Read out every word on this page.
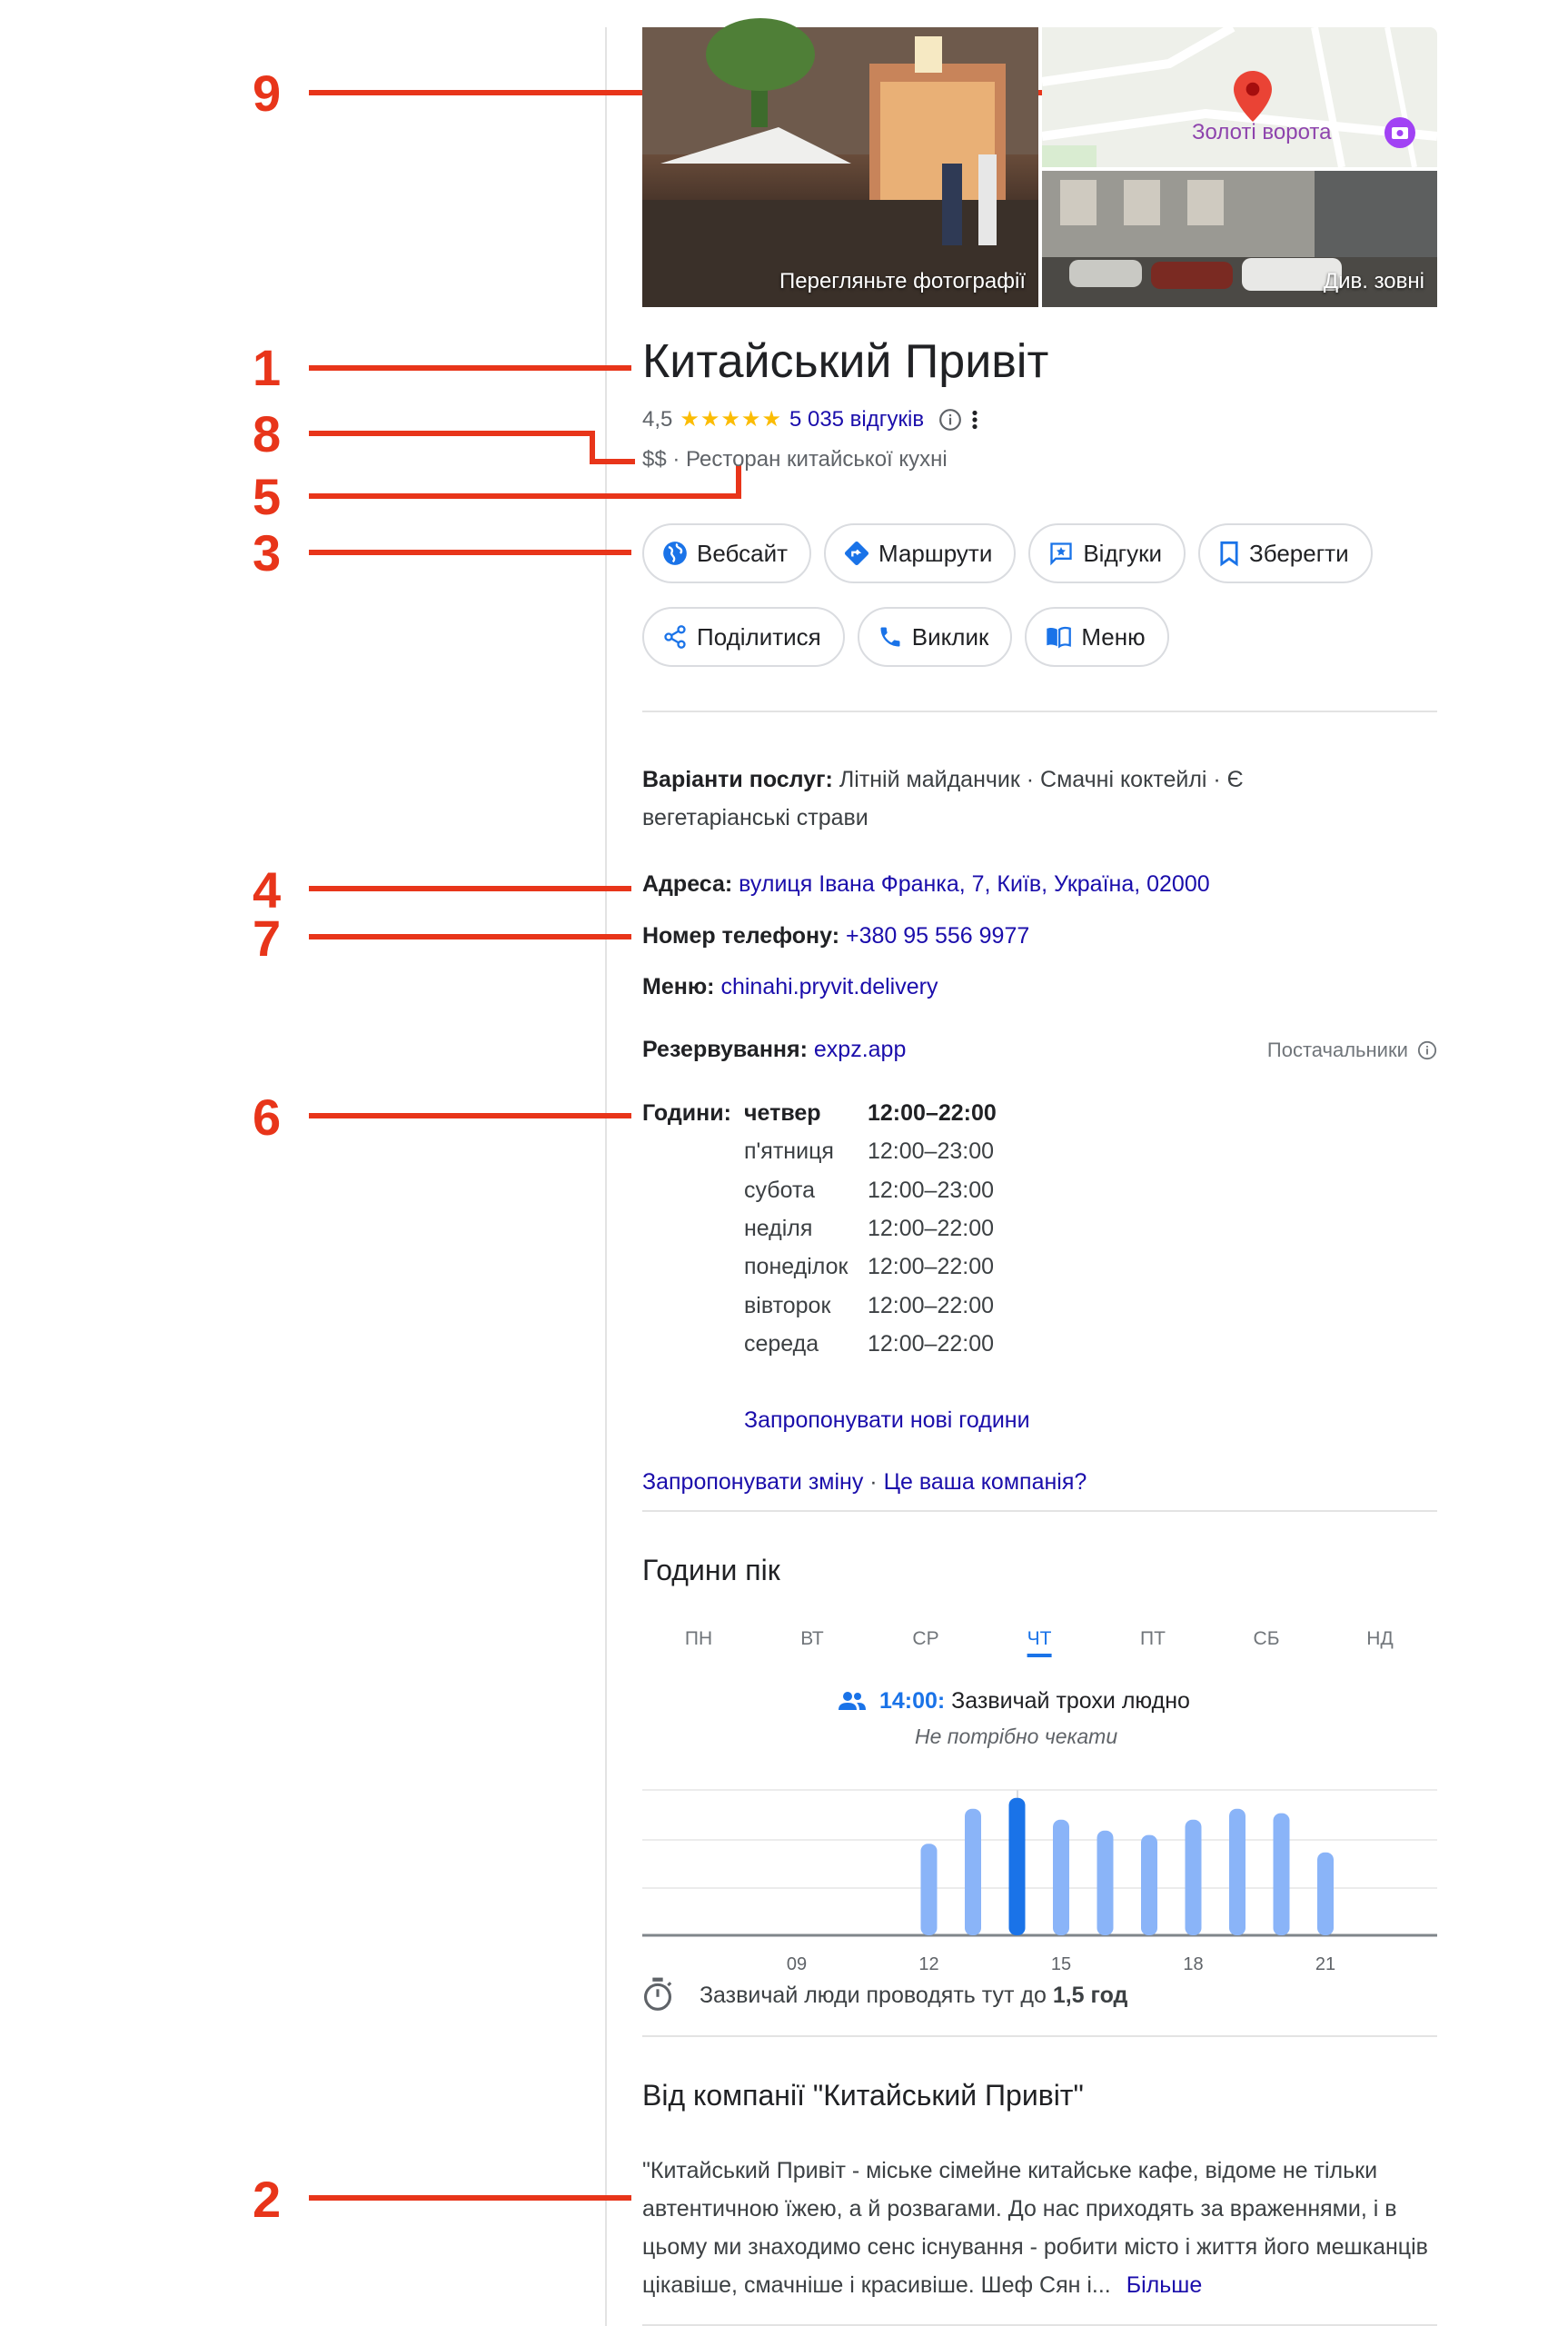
9
1
8
5
3
4
7
6
2
Перегляньте фотографії
Золоті ворота
Див. зовні
Китайський Привіт
4,5 ★★★★★ 5 035 відгуків
$$ · Ресторан китайської кухні
Вебсайт	Маршрути	Відгуки	Зберегти
Поділитися	Виклик	Меню
Варіанти послуг: Літній майданчик · Смачні коктейлі · Є
вегетаріанські страви
Адреса: вулиця Івана Франка, 7, Київ, Україна, 02000
Номер телефону: +380 95 556 9977
Меню: chinahi.pryvit.delivery
Резервування: expz.app	Постачальники
Години: четвер 12:00–22:00
п'ятниця 12:00–23:00
субота 12:00–23:00
неділя 12:00–22:00
понеділок 12:00–22:00
вівторок 12:00–22:00
середа 12:00–22:00
Запропонувати нові години
Запропонувати зміну · Це ваша компанія?
Години пік
ПН	ВТ	СР	ЧТ	ПТ	СБ	НД
14:00: Зазвичай трохи людно
Не потрібно чекати
09	12	15	18	21
Зазвичай люди проводять тут до 1,5 год
Від компанії "Китайський Привіт"
"Китайський Привіт - міське сімейне китайське кафе, відоме не тільки автентичною їжею, а й розвагами. До нас приходять за враженнями, і в цьому ми знаходимо сенс існування - робити місто і життя його мешканців цікавіше, смачніше і красивіше. Шеф Сян і... Більше
